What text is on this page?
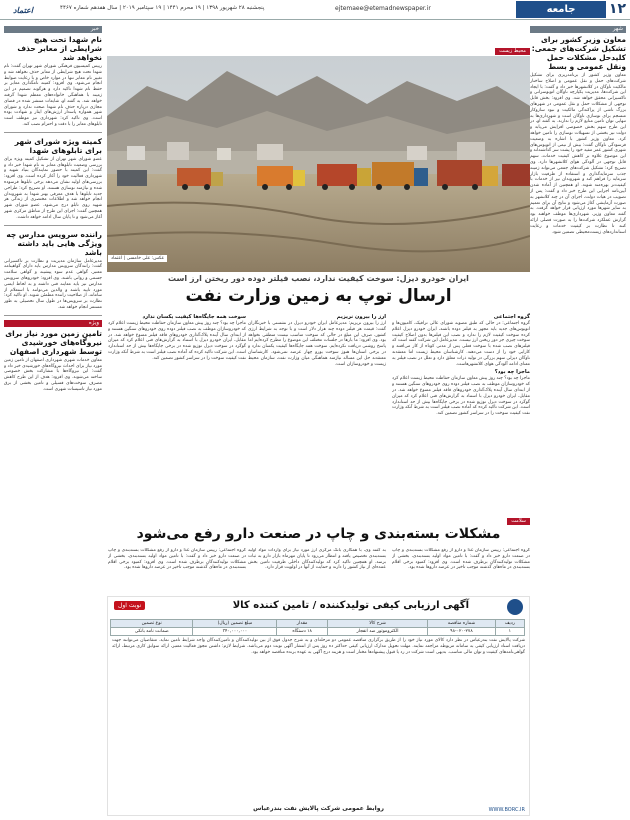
۱۲
جامعه
ejtemaee@etemadnewspaper.ir
پنجشنبه ۲۸ شهریور ۱۳۹۸ | ۱۹ محرم ۱۴۴۱ | ۱۹ سپتامبر ۲۰۱۹ | سال هفدهم شماره ۴۴۶۷
اعتماد
شهر
معاون وزیر کشور برای تشکیل شرکت‌های جمعی: کلیدحل مشکلات حمل ونقل عمومی و بسط
معاون وزیر کشور از برنامه‌ریزی برای تشکیل شرکت‌های حمل و نقل عمومی و اصلاح ساختار مالکیت ناوگان در کلانشهرها خبر داد و گفت: با ایجاد این شرکت‌ها، مدیریت یکپارچه ناوگان اتوبوسرانی و تاکسیرانی محقق خواهد شد. وی افزود: بخش قابل توجهی از مشکلات حمل و نقل عمومی در شهرهای بزرگ ناشی از پراکندگی مالکیت و نبود سازوکار منسجم برای نوسازی ناوگان است و شهرداری‌ها به تنهایی توان تامین منابع لازم را ندارند. به گفته او، در این طرح سهم بخش خصوصی افزایش می‌یابد و دولت نیز بخشی از تسهیلات نوسازی را تامین خواهد کرد. معاون وزیر کشور با اشاره به وضعیت فرسودگی ناوگان گفت: بیش از نیمی از اتوبوس‌های شهری کشور عمر مفید خود را پشت سر گذاشته‌اند و این موضوع علاوه بر کاهش کیفیت خدمات، سهم قابل توجهی در آلودگی هوای کلانشهرها دارد. وی تصریح کرد: تشکیل شرکت‌های جمعی می‌تواند زمینه جذب سرمایه‌گذاری و استفاده از ظرفیت بازار سرمایه را فراهم کند و شهروندان نیز از خدمات با کیفیت‌تر بهره‌مند شوند. او همچنین از آماده شدن آیین‌نامه اجرایی این طرح خبر داد و گفت: پس از تصویب در هیات دولت، اجرای آن در چند کلانشهر به صورت آزمایشی آغاز می‌شود و نتایج آن برای تعمیم به سایر شهرها مورد ارزیابی قرار خواهد گرفت. به گفته معاون وزیر، شهرداری‌ها موظف خواهند بود گزارش عملکرد شرکت‌ها را به صورت فصلی ارائه کنند تا نظارت بر کیفیت خدمات و رعایت استانداردهای زیست‌محیطی تضمین شود.
خبر
نام شهدا تحت هیچ شرایطی از معابر حذف نخواهد شد
رییس کمیسیون فرهنگی شورای شهر تهران گفت: نام شهدا تحت هیچ شرایطی از معابر حذف نخواهد شد و تغییر نام معابر تنها در موارد خاص و با رعایت ضوابط انجام می‌شود. وی افزود: کمیته نامگذاری معابر بر حفظ نام شهدا تاکید دارد و هرگونه تصمیم در این زمینه با هماهنگی خانواده‌های معظم شهدا گرفته خواهد شد. به گفته او، شایعات منتشر شده در فضای مجازی درباره حذف نام شهدا صحت ندارد و شورای شهر همواره پاسدار ارزش‌های ایثار و شهادت بوده است. وی تاکید کرد: شهرداری نیز موظف است تابلوهای معابر را با دقت و احترام نصب کند.
کمیته ویژه شورای شهر برای تابلوهای شهدا
عضو شورای شهر تهران از تشکیل کمیته ویژه برای بررسی وضعیت تابلوهای معابر به نام شهدا خبر داد و گفت: این کمیته با حضور نمایندگان بنیاد شهید و شهرداری فعالیت خود را آغاز کرده است. وی افزود: بررسی‌های اولیه نشان می‌دهد برخی تابلوها فرسوده شده و نیازمند نوسازی هستند. او تصریح کرد: طراحی جدید تابلوها با هدف معرفی بهتر شهدا به شهروندان انجام خواهد شد و اطلاعات مختصری از زندگی هر شهید روی تابلو درج می‌شود. عضو شورای شهر همچنین گفت: اجرای این طرح از مناطق مرکزی شهر آغاز می‌شود و تا پایان سال ادامه خواهد داشت.
راننده سرویس مدارس چه ویژگی هایی باید داشته باشد
مدیرعامل سازمان مدیریت و نظارت بر تاکسیرانی گفت: رانندگان سرویس مدارس باید دارای گواهینامه معتبر، گواهی عدم سوء پیشینه و گواهی سلامت جسمی و روانی باشند. وی افزود: خودروهای سرویس مدارس نیز باید معاینه فنی داشته و به لحاظ ایمنی مورد تایید باشند و والدین می‌توانند با استعلام از سامانه، از صلاحیت راننده مطمئن شوند. او تاکید کرد: نظارت بر سرویس‌ها در طول سال تحصیلی به طور مستمر انجام خواهد شد.
ویژه
تامین زمین مورد نیاز برای نیروگاه‌های خورشیدی توسط شهرداری اصفهان
معاون خدمات شهری شهرداری اصفهان از تامین زمین مورد نیاز برای احداث نیروگاه‌های خورشیدی خبر داد و گفت: این نیروگاه‌ها با مشارکت بخش خصوصی ساخته می‌شوند. وی افزود: هدف از این طرح کاهش مصرف سوخت‌های فسیلی و تامین بخشی از برق مورد نیاز تاسیسات شهری است.
محیط زیست
عکس: علی خامسی | اعتماد
ایران خودرو دیزل: سوخت کیفیت ندارد، نصب فیلتر دوده دور ریختن ارز است
ارسال توپ به زمین وزارت نفت
گروه اجتماعی
گروه اجتماعی: در حالی که طبق مصوبه شورای عالی ترافیک، کامیون‌ها و اتوبوس‌های جدید باید مجهز به فیلتر دوده باشند، ایران خودرو دیزل اعلام کرده سوخت کیفیت لازم را ندارد و نصب این فیلترها بدون اصلاح کیفیت سوخت چیزی جز دور ریختن ارز نیست. مدیرعامل این شرکت گفته است که فیلترهای نصب شده با سوخت فعلی پس از مدتی کوتاه از کار می‌افتند و کارایی خود را از دست می‌دهند. کارشناسان محیط زیست اما معتقدند ناوگان دیزلی سهم بزرگی در تولید ذرات معلق دارد و تعلل در نصب فیلتر به معنای ادامه آلودگی هوای کلانشهرهاست.
ماجرا چه بود؟
ماجرا چه بود؟ چند روز پیش معاون سازمان حفاظت محیط زیست اعلام کرد که خودروسازان موظف به نصب فیلتر دوده روی خودروهای سنگین هستند و از ابتدای سال آینده پلاک‌گذاری خودروهای فاقد فیلتر ممنوع خواهد شد. در مقابل، ایران خودرو دیزل با استناد به گزارش‌های فنی اعلام کرد که میزان گوگرد در سوخت دیزل توزیع شده در برخی جایگاه‌ها بیش از حد استاندارد است. این شرکت تاکید کرده که آماده نصب فیلتر است به شرط آنکه وزارت نفت کیفیت سوخت را در سراسر کشور تضمین کند.
ارز را بیرون نریزیم
ارز را بیرون نریزیم: مدیرعامل ایران خودرو دیزل در نشستی با خبرنگاران گفت: قیمت هر فیلتر دوده چند هزار دلار است و با توجه به شرایط ارزی کشور، صرف این مبلغ در حالی که سوخت مناسب نیست منطقی نخواهد بود. وی افزود: ما بارها در جلسات مختلف این موضوع را مطرح کرده‌ایم اما پاسخ روشنی دریافت نکرده‌ایم. سوخت همه جایگاه‌ها کیفیت یکسان ندارد و در برخی استان‌ها هنوز سوخت یورو چهار عرضه نمی‌شود. کارشناسان معتقدند حل این مساله نیازمند هماهنگی میان وزارت نفت، سازمان محیط زیست و خودروسازان است.
سوخت همه جایگاه‌ها کیفیت یکسان ندارد
ماجرا چه بود؟ چند روز پیش معاون سازمان حفاظت محیط زیست اعلام کرد که خودروسازان موظف به نصب فیلتر دوده روی خودروهای سنگین هستند و از ابتدای سال آینده پلاک‌گذاری خودروهای فاقد فیلتر ممنوع خواهد شد. در مقابل، ایران خودرو دیزل با استناد به گزارش‌های فنی اعلام کرد که میزان گوگرد در سوخت دیزل توزیع شده در برخی جایگاه‌ها بیش از حد استاندارد است. این شرکت تاکید کرده که آماده نصب فیلتر است به شرط آنکه وزارت نفت کیفیت سوخت را در سراسر کشور تضمین کند.
سلامت
مشکلات بسته‌بندی و چاپ در صنعت دارو رفع می‌شود
گروه اجتماعی: رییس سازمان غذا و دارو از رفع مشکلات بسته‌بندی و چاپ در صنعت دارو خبر داد و گفت: با تامین مواد اولیه بسته‌بندی، بخشی از مشکلات تولیدکنندگان برطرف شده است. وی افزود: کمبود برخی اقلام بسته‌بندی در ماه‌های گذشته موجب تاخیر در عرضه داروها شده بود.
به گفته وی، با همکاری بانک مرکزی ارز مورد نیاز برای واردات مواد اولیه بسته‌بندی تخصیص یافته و انتظار می‌رود تا پایان مهرماه بازار دارو به ثبات برسد. او همچنین تاکید کرد که تولیدکنندگان داخلی ظرفیت تامین بخش عمده‌ای از نیاز کشور را دارند و حمایت از آنها در اولویت قرار دارد.
گروه اجتماعی: رییس سازمان غذا و دارو از رفع مشکلات بسته‌بندی و چاپ در صنعت دارو خبر داد و گفت: با تامین مواد اولیه بسته‌بندی، بخشی از مشکلات تولیدکنندگان برطرف شده است. وی افزود: کمبود برخی اقلام بسته‌بندی در ماه‌های گذشته موجب تاخیر در عرضه داروها شده بود.
آگهی ارزیابی کیفی تولیدکننده / تامین کننده کالا
نوبت اول
ردیف	شماره مناقصه	شرح کالا	مقدار	مبلغ تضمین (ریال)	نوع تضمین
۱	۹۸-۰۲۰-۲۷۸	الکتروموتور ضد انفجار	۱۸ دستگاه	۳۴۰,۰۰۰,۰۰۰	ضمانت نامه بانکی
شرکت پالایش نفت بندرعباس در نظر دارد کالای مورد نیاز خود را از طریق برگزاری مناقصه عمومی دو مرحله‌ای و به شرح جدول فوق از بین تولیدکنندگان و تامین‌کنندگان واجد شرایط تامین نماید. متقاضیان می‌توانند جهت دریافت اسناد ارزیابی کیفی به سامانه مربوطه مراجعه نمایند. مهلت تحویل مدارک ارزیابی کیفی حداکثر ده روز پس از انتشار آگهی نوبت دوم می‌باشد. شرایط لازم: داشتن مجوز فعالیت معتبر، ارائه سوابق کاری مرتبط، ارائه گواهی‌نامه‌های کیفیت و توان مالی مناسب. بدیهی است شرکت در رد یا قبول پیشنهادها مختار است و هزینه درج آگهی به عهده برنده مناقصه خواهد بود.
روابط عمومی شرکت پالایش نفت بندرعباس	WWW.BORC.IR
